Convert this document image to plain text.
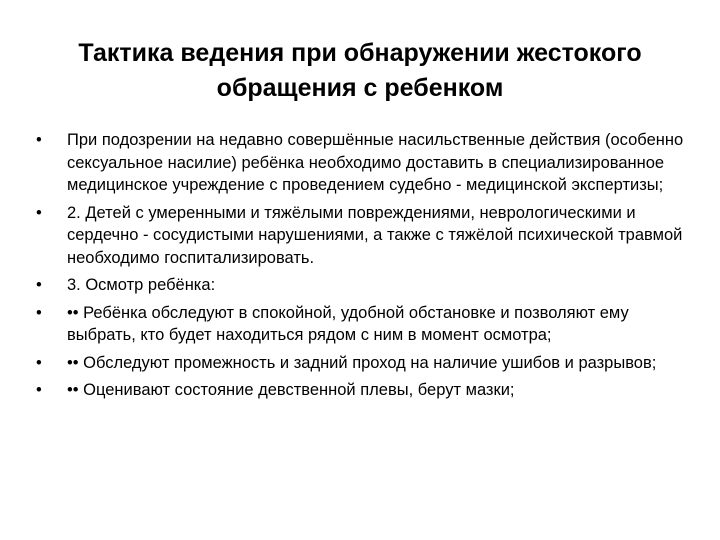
Тактика ведения при обнаружении жестокого обращения с ребенком
•	При подозрении на недавно совершённые насильственные действия (особенно сексуальное насилие) ребёнка необходимо доставить в специализированное медицинское учреждение с проведением судебно - медицинской экспертизы;
•	2. Детей с умеренными и тяжёлыми повреждениями, неврологическими и сердечно - сосудистыми нарушениями, а также с тяжёлой психической травмой необходимо госпитализировать.
•	3. Осмотр ребёнка:
•	•• Ребёнка обследуют в спокойной, удобной обстановке и позволяют ему выбрать, кто будет находиться рядом с ним в момент осмотра;
•	•• Обследуют промежность и задний проход на наличие ушибов и разрывов;
•	•• Оценивают состояние девственной плевы, берут мазки;
